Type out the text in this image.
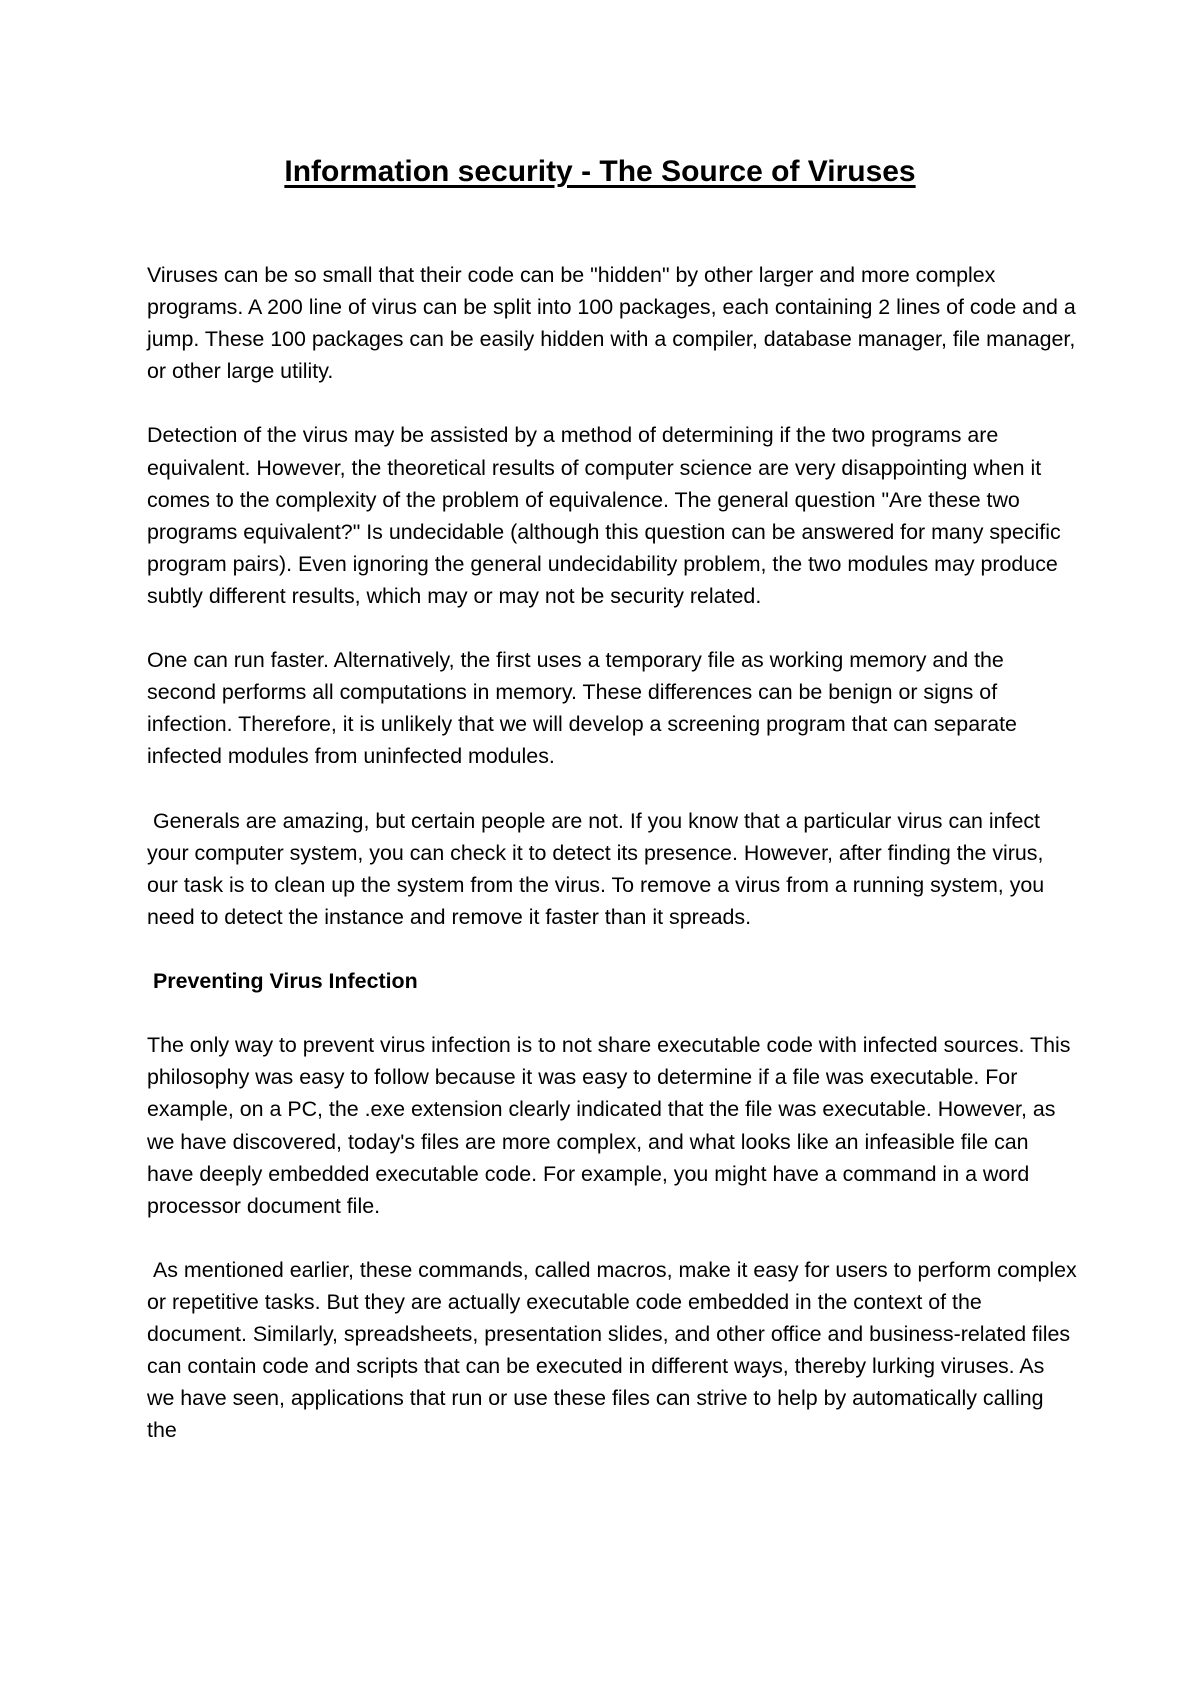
Information security - The Source of Viruses

Viruses can be so small that their code can be "hidden" by other larger and more complex programs. A 200 line of virus can be split into 100 packages, each containing 2 lines of code and a jump. These 100 packages can be easily hidden with a compiler, database manager, file manager, or other large utility.

Detection of the virus may be assisted by a method of determining if the two programs are equivalent. However, the theoretical results of computer science are very disappointing when it comes to the complexity of the problem of equivalence. The general question "Are these two programs equivalent?" Is undecidable (although this question can be answered for many specific program pairs). Even ignoring the general undecidability problem, the two modules may produce subtly different results, which may or may not be security related.

One can run faster. Alternatively, the first uses a temporary file as working memory and the second performs all computations in memory. These differences can be benign or signs of infection. Therefore, it is unlikely that we will develop a screening program that can separate infected modules from uninfected modules.

Generals are amazing, but certain people are not. If you know that a particular virus can infect your computer system, you can check it to detect its presence. However, after finding the virus, our task is to clean up the system from the virus. To remove a virus from a running system, you need to detect the instance and remove it faster than it spreads.

Preventing Virus Infection

The only way to prevent virus infection is to not share executable code with infected sources. This philosophy was easy to follow because it was easy to determine if a file was executable. For example, on a PC, the .exe extension clearly indicated that the file was executable. However, as we have discovered, today's files are more complex, and what looks like an infeasible file can have deeply embedded executable code. For example, you might have a command in a word processor document file.

As mentioned earlier, these commands, called macros, make it easy for users to perform complex or repetitive tasks. But they are actually executable code embedded in the context of the document. Similarly, spreadsheets, presentation slides, and other office and business-related files can contain code and scripts that can be executed in different ways, thereby lurking viruses. As we have seen, applications that run or use these files can strive to help by automatically calling the
